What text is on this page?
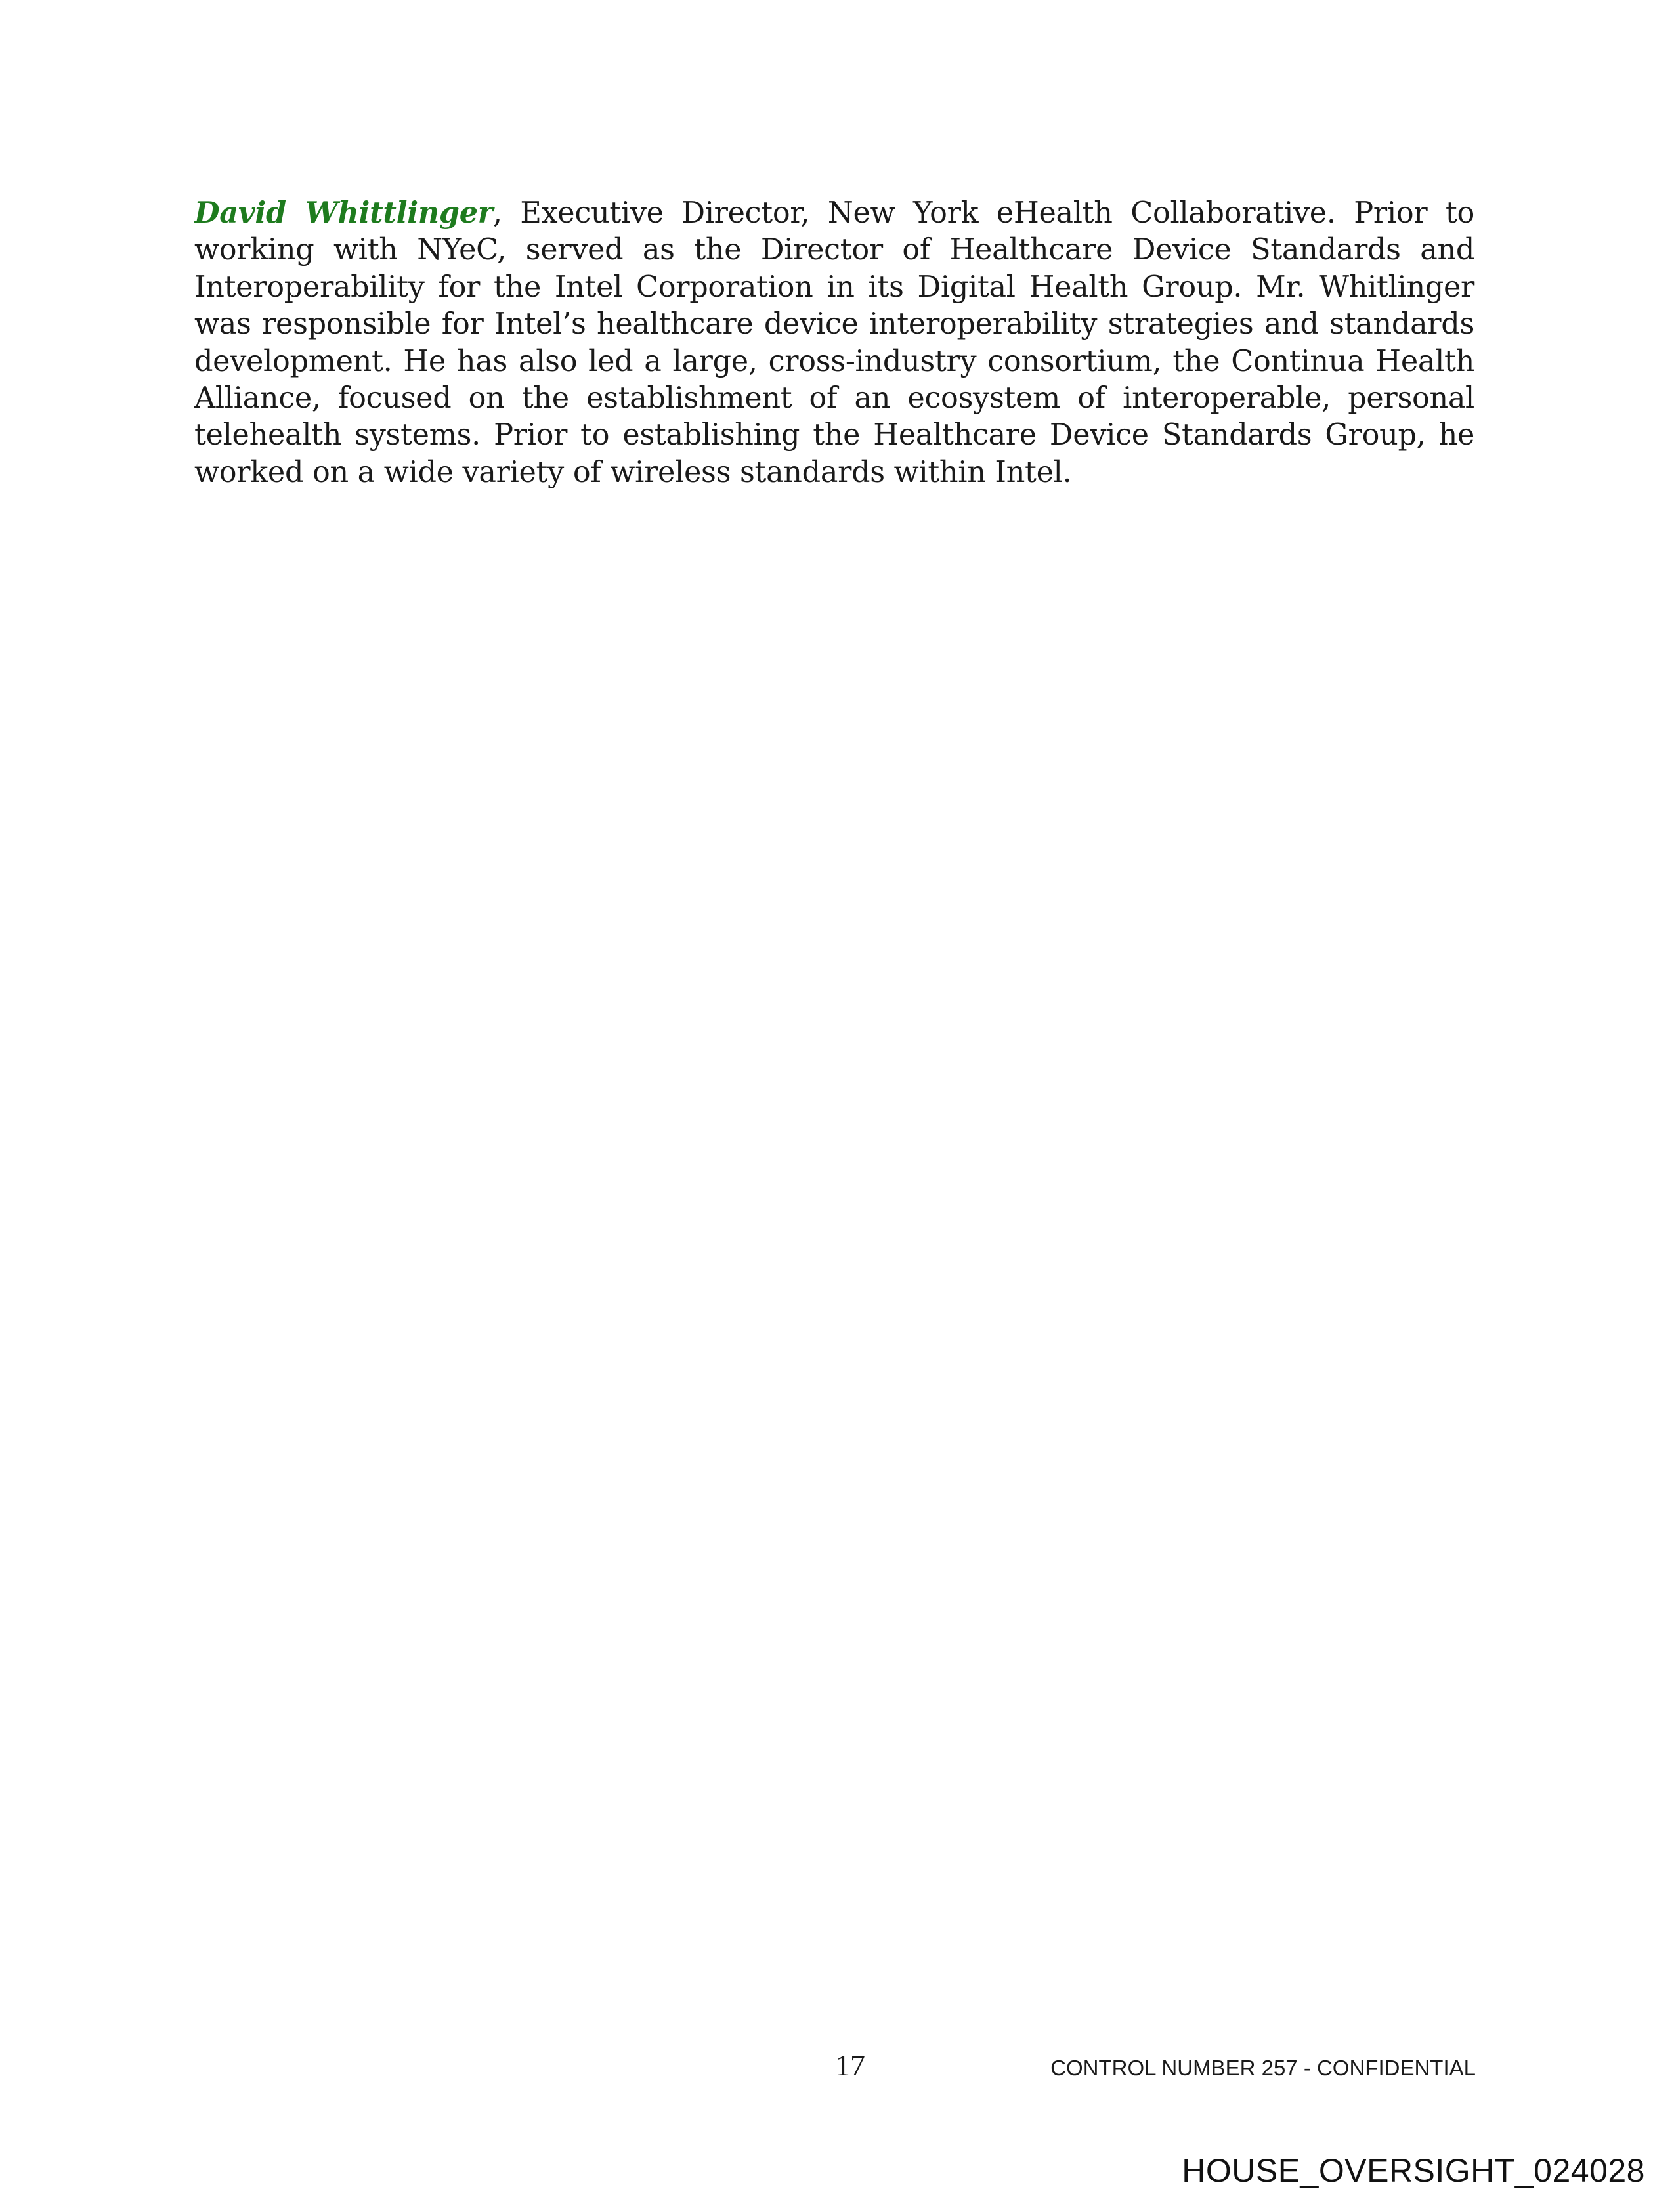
David Whittlinger, Executive Director, New York eHealth Collaborative. Prior to working with NYeC, served as the Director of Healthcare Device Standards and Interoperability for the Intel Corporation in its Digital Health Group. Mr. Whitlinger was responsible for Intel’s healthcare device interoperability strategies and standards development. He has also led a large, cross-industry consortium, the Continua Health Alliance, focused on the establishment of an ecosystem of interoperable, personal telehealth systems. Prior to establishing the Healthcare Device Standards Group, he worked on a wide variety of wireless standards within Intel.

17	CONTROL NUMBER 257 - CONFIDENTIAL
HOUSE_OVERSIGHT_024028
